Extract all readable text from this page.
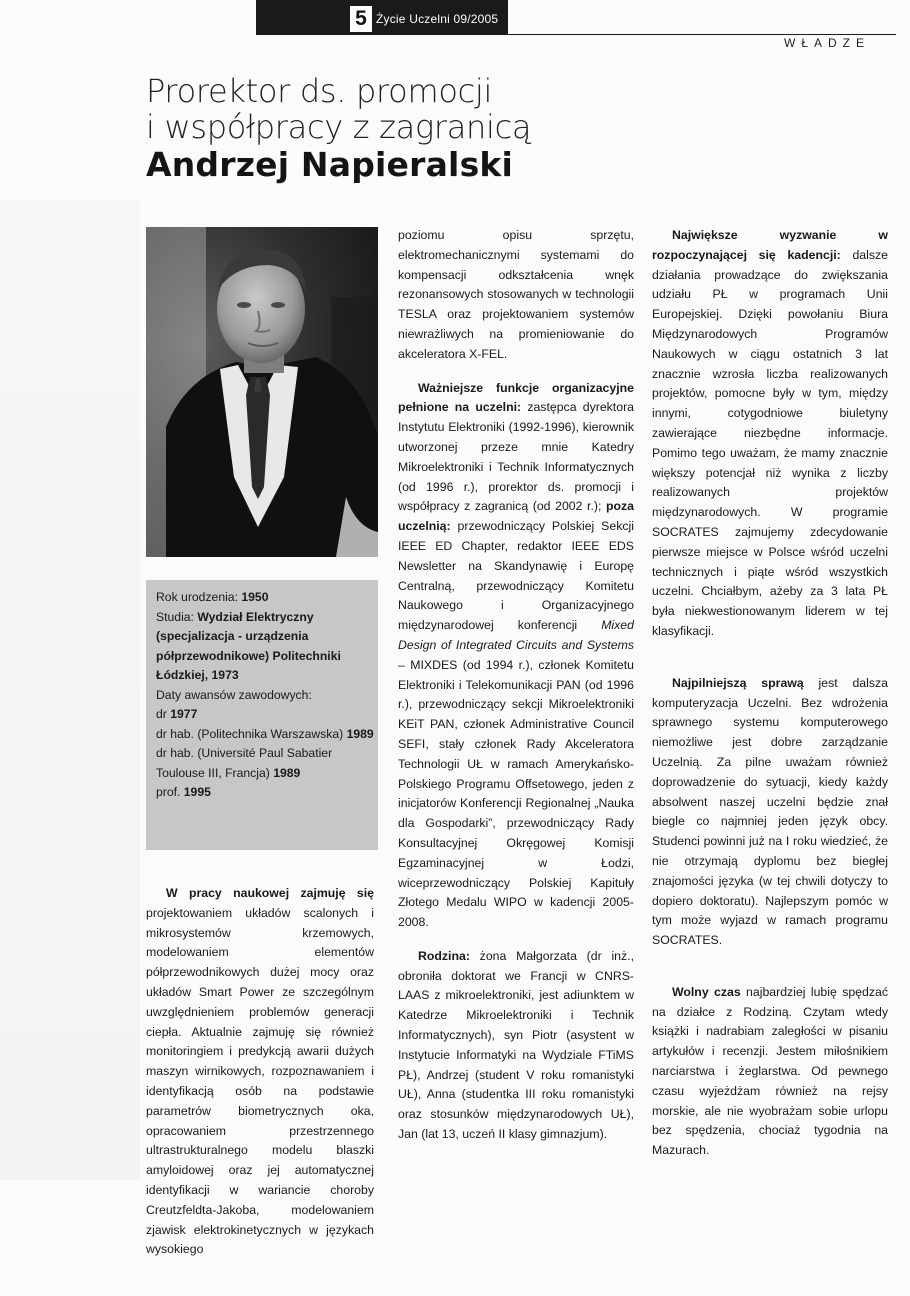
5 Życie Uczelni 09/2005
WŁADZE
Prorektor ds. promocji
i współpracy z zagranicą
Andrzej Napieralski

Rok urodzenia: 1950

Studia: Wydział Elektryczny (specjalizacja - urządzenia półprzewodnikowe) Politechniki Łódzkiej, 1973

Daty awansów zawodowych:

dr 1977

dr hab. (Politechnika Warszawska) 1989

dr hab. (Université Paul Sabatier Toulouse III, Francja) 1989

prof. 1995

W pracy naukowej zajmuję się projektowaniem układów scalonych i mikrosystemów krzemowych, modelowaniem elementów półprzewodnikowych dużej mocy oraz układów Smart Power ze szczególnym uwzględnieniem problemów generacji ciepła. Aktualnie zajmuję się również monitoringiem i predykcją awarii dużych maszyn wirnikowych, rozpoznawaniem i identyfikacją osób na podstawie parametrów biometrycznych oka, opracowaniem przestrzennego ultrastrukturalnego modelu blaszki amyloidowej oraz jej automatycznej identyfikacji w wariancie choroby Creutzfeldta-Jakoba, modelowaniem zjawisk elektrokinetycznych w językach wysokiego

poziomu opisu sprzętu, elektromechanicznymi systemami do kompensacji odkształcenia wnęk rezonansowych stosowanych w technologii TESLA oraz projektowaniem systemów niewrażliwych na promieniowanie do akceleratora X-FEL.

Ważniejsze funkcje organizacyjne pełnione na uczelni: zastępca dyrektora Instytutu Elektroniki (1992-1996), kierownik utworzonej przeze mnie Katedry Mikroelektroniki i Technik Informatycznych (od 1996 r.), prorektor ds. promocji i współpracy z zagranicą (od 2002 r.); poza uczelnią: przewodniczący Polskiej Sekcji IEEE ED Chapter, redaktor IEEE EDS Newsletter na Skandynawię i Europę Centralną, przewodniczący Komitetu Naukowego i Organizacyjnego międzynarodowej konferencji Mixed Design of Integrated Circuits and Systems – MIXDES (od 1994 r.), członek Komitetu Elektroniki i Telekomunikacji PAN (od 1996 r.), przewodniczący sekcji Mikroelektroniki KEiT PAN, członek Administrative Council SEFI, stały członek Rady Akceleratora Technologii UŁ w ramach Amerykańsko-Polskiego Programu Offsetowego, jeden z inicjatorów Konferencji Regionalnej „Nauka dla Gospodarki”, przewodniczący Rady Konsultacyjnej Okręgowej Komisji Egzaminacyjnej w Łodzi, wiceprzewodniczący Polskiej Kapituły Złotego Medalu WIPO w kadencji 2005-2008.

Rodzina: żona Małgorzata (dr inż., obroniła doktorat we Francji w CNRS-LAAS z mikroelektroniki, jest adiunktem w Katedrze Mikroelektroniki i Technik Informatycznych), syn Piotr (asystent w Instytucie Informatyki na Wydziale FTiMS PŁ), Andrzej (student V roku romanistyki UŁ), Anna (studentka III roku romanistyki oraz stosunków międzynarodowych UŁ), Jan (lat 13, uczeń II klasy gimnazjum).

Największe wyzwanie w rozpoczynającej się kadencji: dalsze działania prowadzące do zwiększania udziału PŁ w programach Unii Europejskiej. Dzięki powołaniu Biura Międzynarodowych Programów Naukowych w ciągu ostatnich 3 lat znacznie wzrosła liczba realizowanych projektów, pomocne były w tym, między innymi, cotygodniowe biuletyny zawierające niezbędne informacje. Pomimo tego uważam, że mamy znacznie większy potencjał niż wynika z liczby realizowanych projektów międzynarodowych. W programie SOCRATES zajmujemy zdecydowanie pierwsze miejsce w Polsce wśród uczelni technicznych i piąte wśród wszystkich uczelni. Chciałbym, ażeby za 3 lata PŁ była niekwestionowanym liderem w tej klasyfikacji.

Najpilniejszą sprawą jest dalsza komputeryzacja Uczelni. Bez wdrożenia sprawnego systemu komputerowego niemożliwe jest dobre zarządzanie Uczelnią. Za pilne uważam również doprowadzenie do sytuacji, kiedy każdy absolwent naszej uczelni będzie znał biegle co najmniej jeden język obcy. Studenci powinni już na I roku wiedzieć, że nie otrzymają dyplomu bez biegłej znajomości języka (w tej chwili dotyczy to dopiero doktoratu). Najlepszym pomóc w tym może wyjazd w ramach programu SOCRATES.

Wolny czas najbardziej lubię spędzać na działce z Rodziną. Czytam wtedy książki i nadrabiam zaległości w pisaniu artykułów i recenzji. Jestem miłośnikiem narciarstwa i żeglarstwa. Od pewnego czasu wyjeżdżam również na rejsy morskie, ale nie wyobrażam sobie urlopu bez spędzenia, chociaż tygodnia na Mazurach.
